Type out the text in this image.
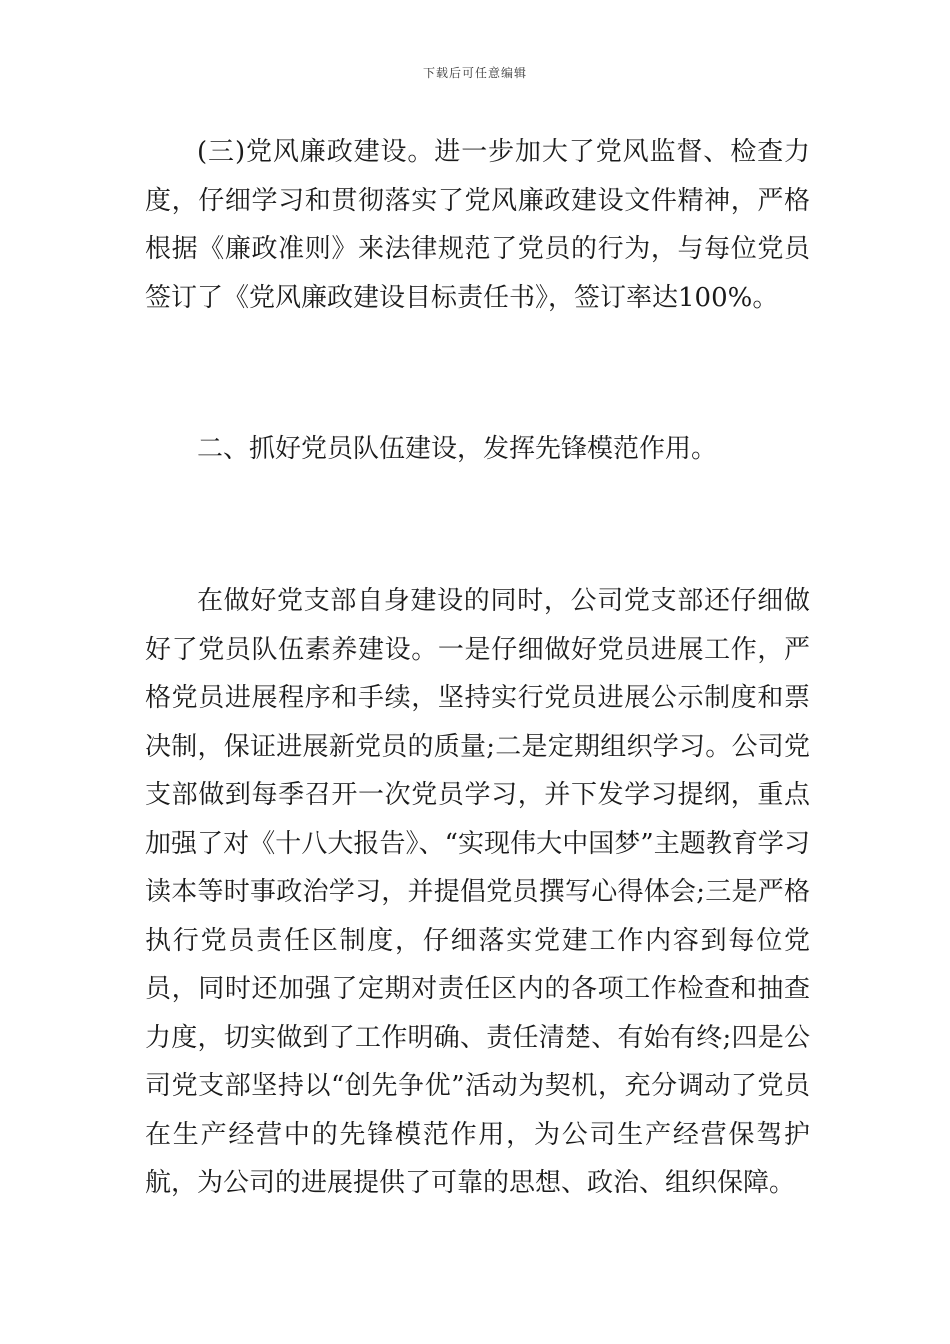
下载后可任意编辑

(三)党风廉政建设。进一步加大了党风监督、检查力度，仔细学习和贯彻落实了党风廉政建设文件精神，严格根据《廉政准则》来法律规范了党员的行为，与每位党员签订了《党风廉政建设目标责任书》，签订率达100%。

二、抓好党员队伍建设，发挥先锋模范作用。

在做好党支部自身建设的同时，公司党支部还仔细做好了党员队伍素养建设。一是仔细做好党员进展工作，严格党员进展程序和手续，坚持实行党员进展公示制度和票决制，保证进展新党员的质量;二是定期组织学习。公司党支部做到每季召开一次党员学习，并下发学习提纲，重点加强了对《十八大报告》、“实现伟大中国梦”主题教育学习读本等时事政治学习，并提倡党员撰写心得体会;三是严格执行党员责任区制度，仔细落实党建工作内容到每位党员，同时还加强了定期对责任区内的各项工作检查和抽查力度，切实做到了工作明确、责任清楚、有始有终;四是公司党支部坚持以“创先争优”活动为契机，充分调动了党员在生产经营中的先锋模范作用，为公司生产经营保驾护航，为公司的进展提供了可靠的思想、政治、组织保障。
